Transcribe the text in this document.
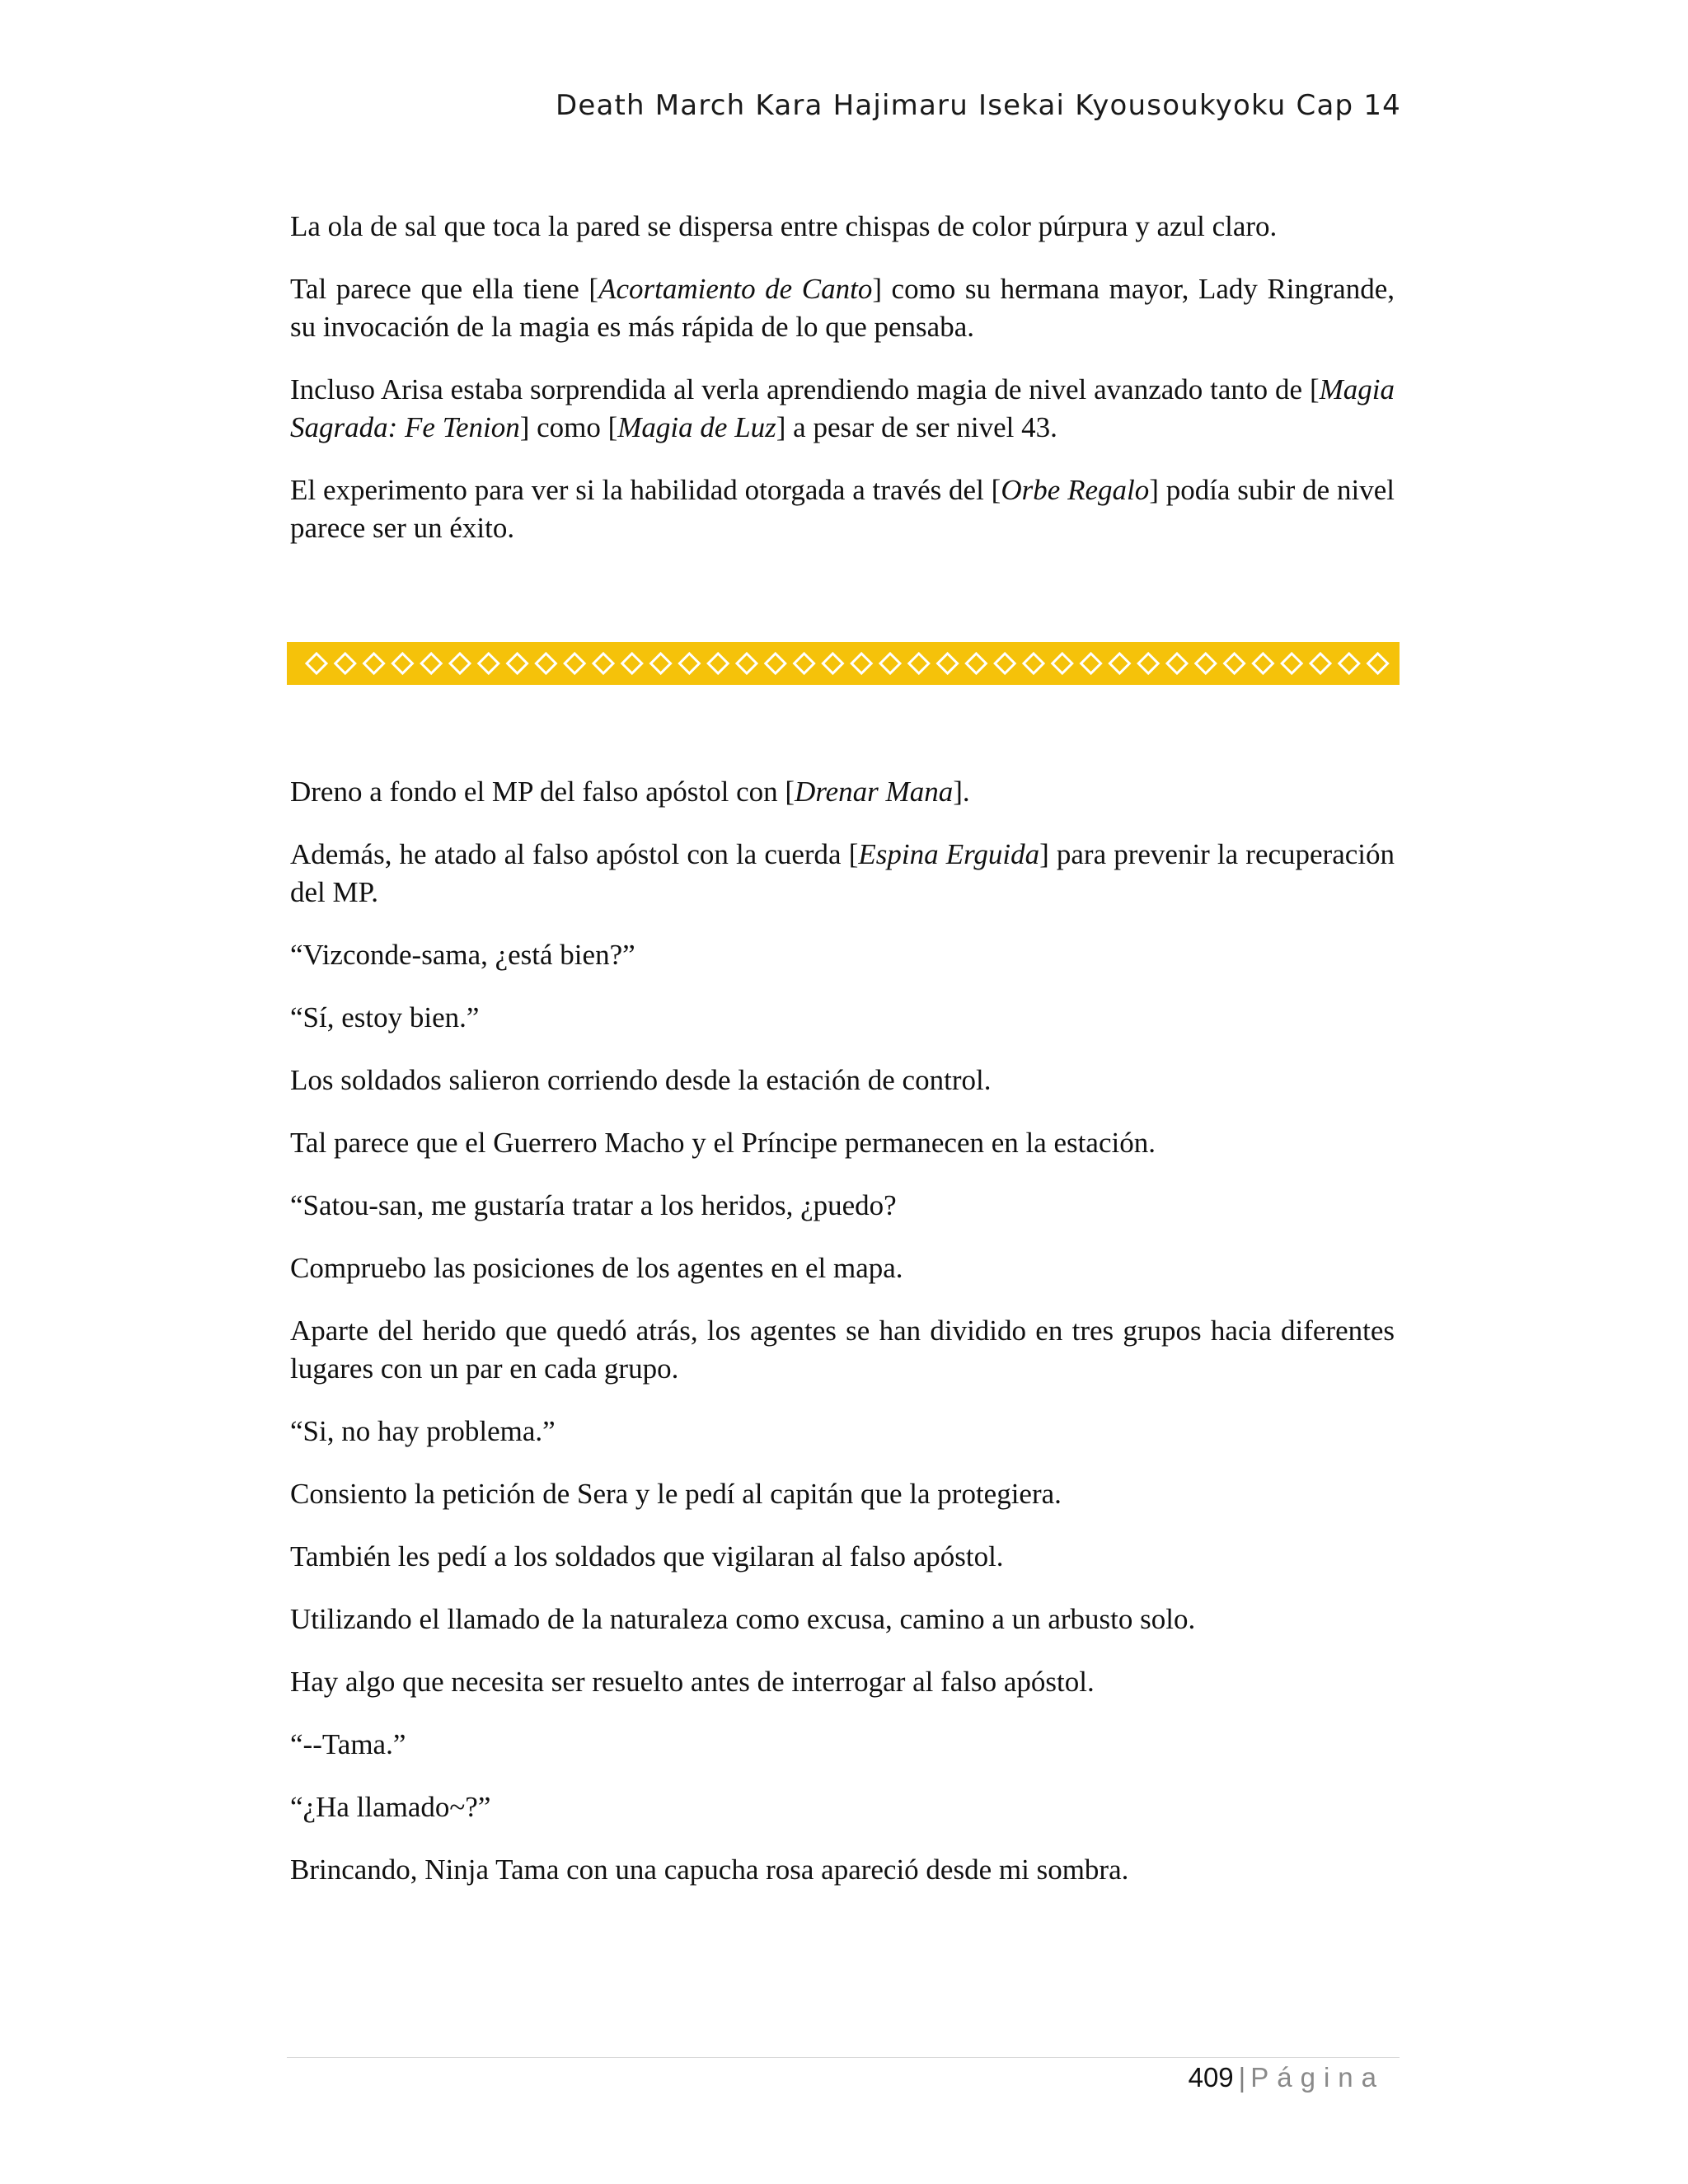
Death March Kara Hajimaru Isekai Kyousoukyoku Cap 14

La ola de sal que toca la pared se dispersa entre chispas de color púrpura y azul claro.

Tal parece que ella tiene [Acortamiento de Canto] como su hermana mayor, Lady Ringrande, su invocación de la magia es más rápida de lo que pensaba.

Incluso Arisa estaba sorprendida al verla aprendiendo magia de nivel avanzado tanto de [Magia Sagrada: Fe Tenion] como [Magia de Luz] a pesar de ser nivel 43.

El experimento para ver si la habilidad otorgada a través del [Orbe Regalo] podía subir de nivel parece ser un éxito.

Dreno a fondo el MP del falso apóstol con [Drenar Mana].

Además, he atado al falso apóstol con la cuerda [Espina Erguida] para prevenir la recuperación del MP.

“Vizconde-sama, ¿está bien?”

“Sí, estoy bien.”

Los soldados salieron corriendo desde la estación de control.

Tal parece que el Guerrero Macho y el Príncipe permanecen en la estación.

“Satou-san, me gustaría tratar a los heridos, ¿puedo?

Compruebo las posiciones de los agentes en el mapa.

Aparte del herido que quedó atrás, los agentes se han dividido en tres grupos hacia diferentes lugares con un par en cada grupo.

“Si, no hay problema.”

Consiento la petición de Sera y le pedí al capitán que la protegiera.

También les pedí a los soldados que vigilaran al falso apóstol.

Utilizando el llamado de la naturaleza como excusa, camino a un arbusto solo.

Hay algo que necesita ser resuelto antes de interrogar al falso apóstol.

“--Tama.”

“¿Ha llamado~?”

Brincando, Ninja Tama con una capucha rosa apareció desde mi sombra.

409 | Página
